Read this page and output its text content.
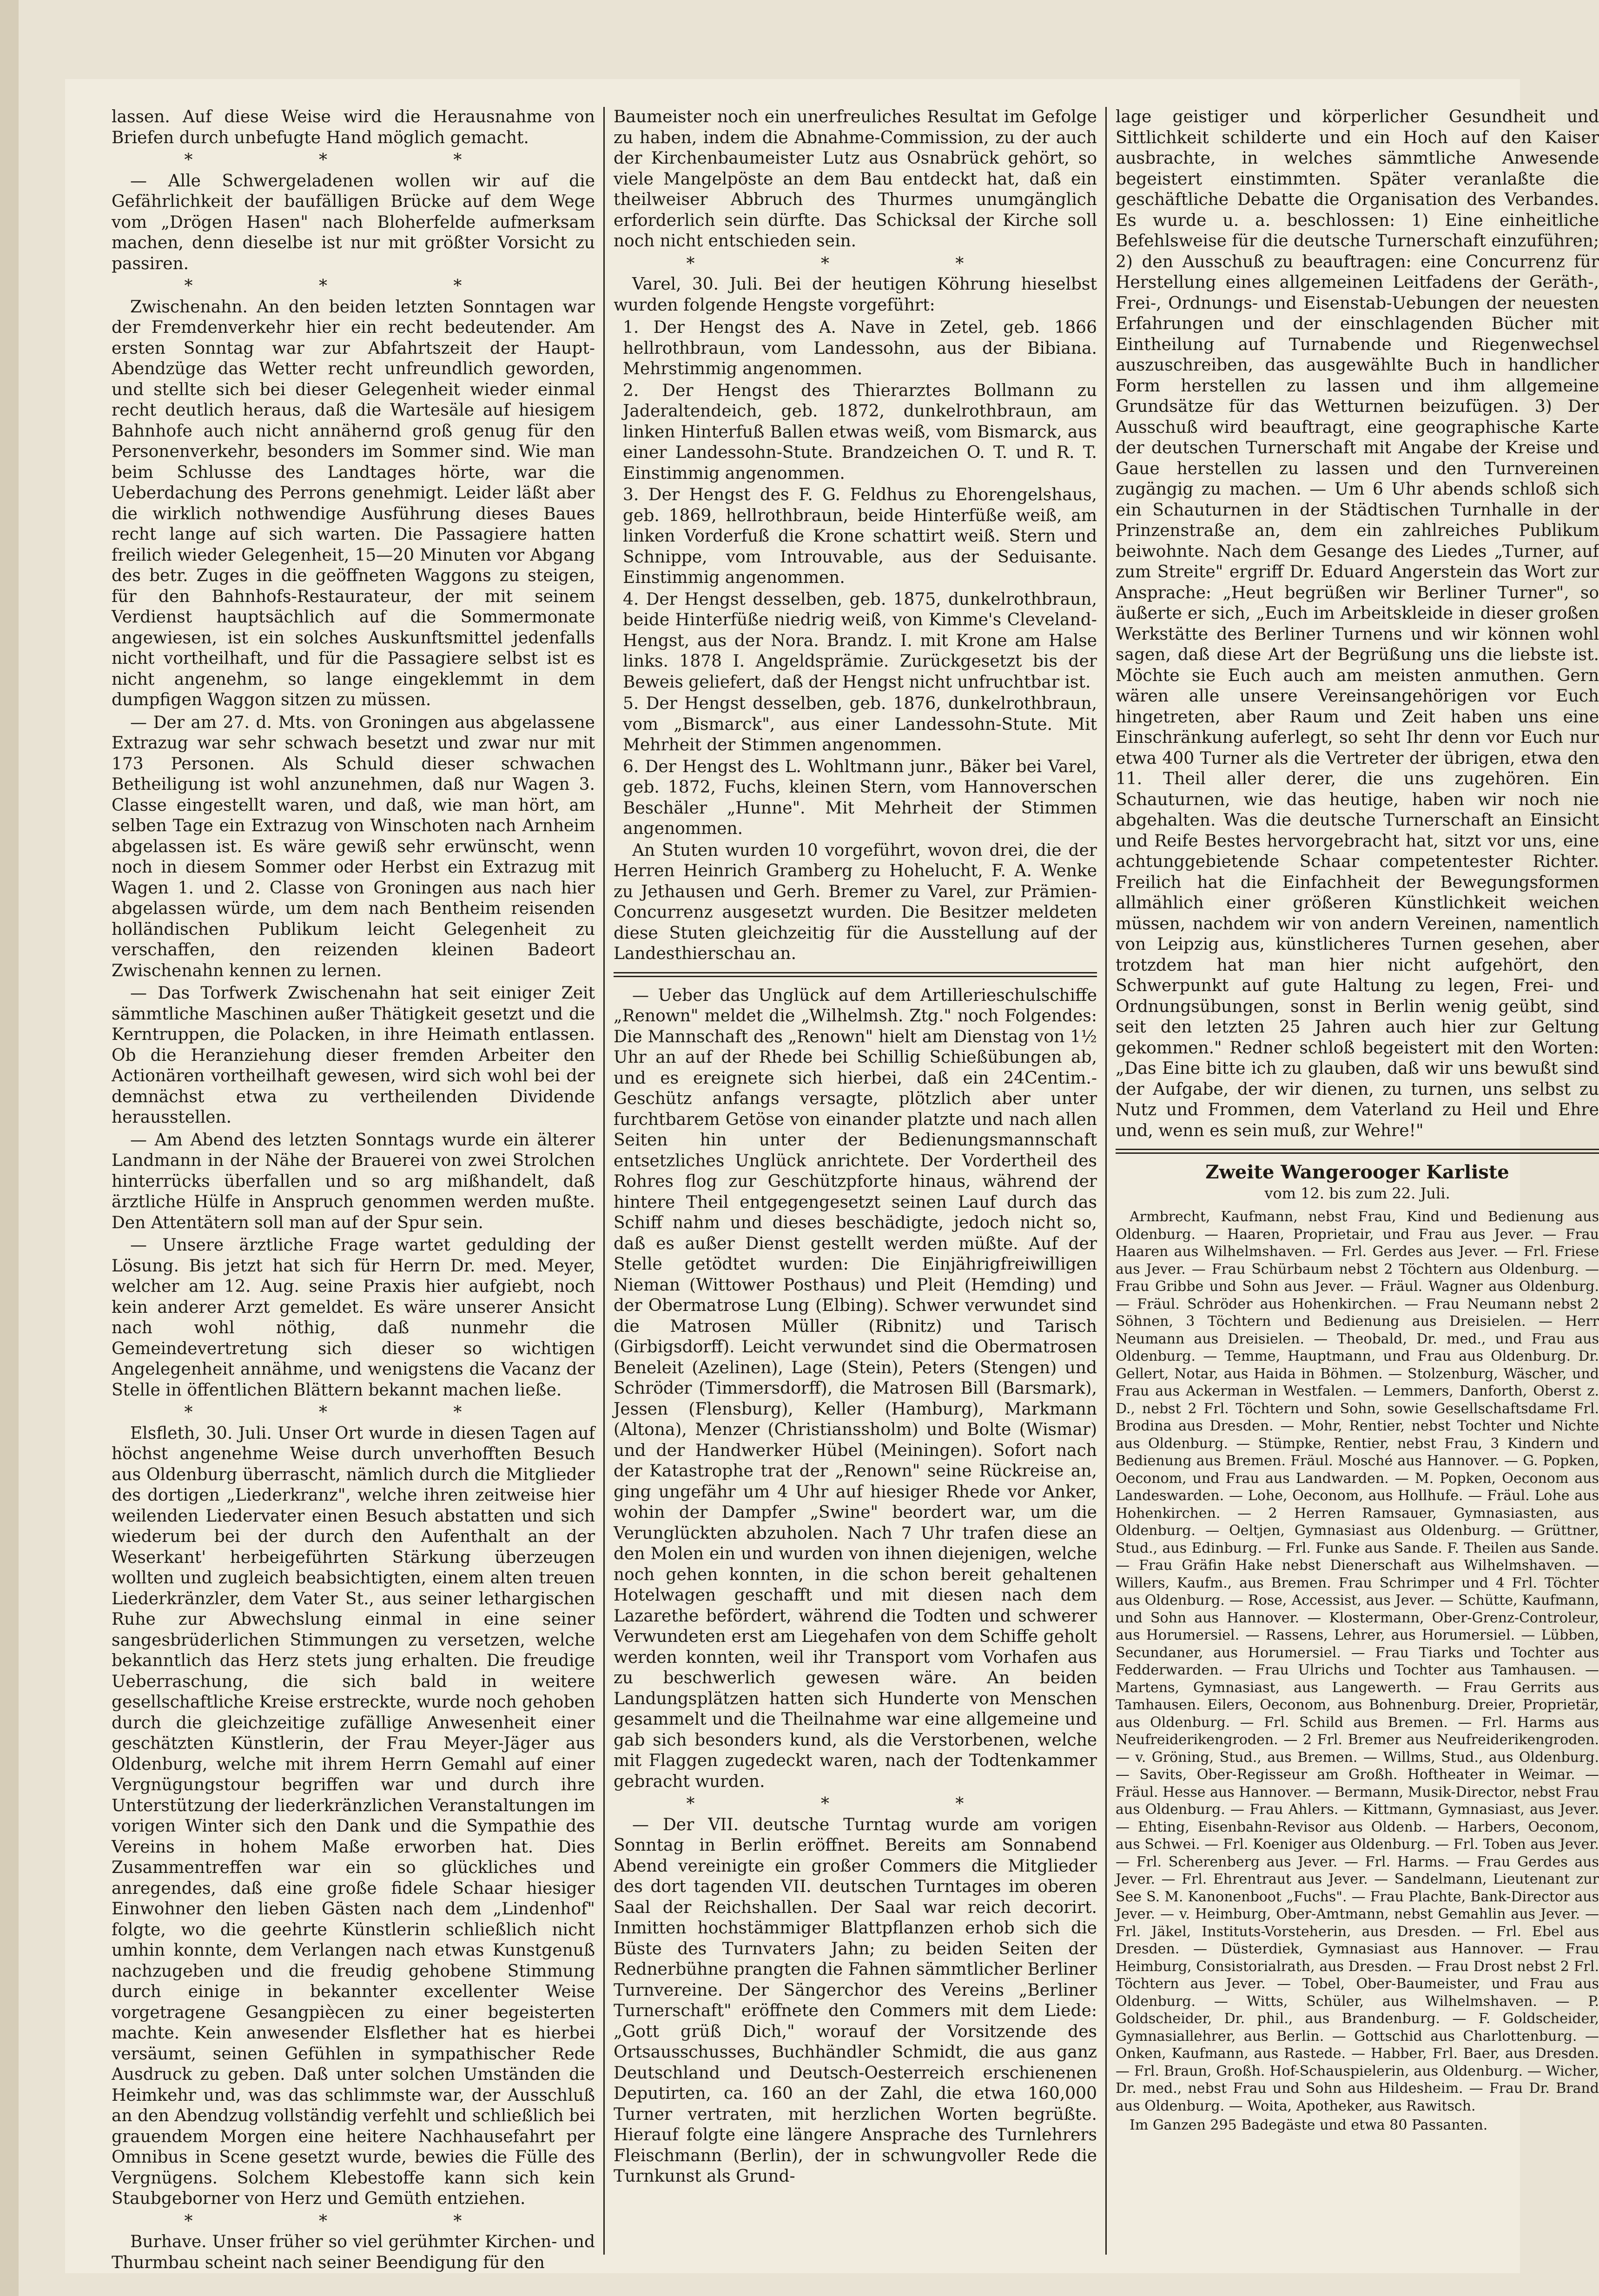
lassen. Auf diese Weise wird die Herausnahme von Briefen durch unbefugte Hand möglich gemacht.

* * *

— Alle Schwergeladenen wollen wir auf die Gefährlichkeit der baufälligen Brücke auf dem Wege vom „Drögen Hasen" nach Bloherfelde aufmerksam machen, denn dieselbe ist nur mit größter Vorsicht zu passiren.

* * *

Zwischenahn. An den beiden letzten Sonntagen war der Fremdenverkehr hier ein recht bedeutender. Am ersten Sonntag war zur Abfahrtszeit der Haupt-Abendzüge das Wetter recht unfreundlich geworden, und stellte sich bei dieser Gelegenheit wieder einmal recht deutlich heraus, daß die Wartesäle auf hiesigem Bahnhofe auch nicht annähernd groß genug für den Personenverkehr, besonders im Sommer sind. Wie man beim Schlusse des Landtages hörte, war die Ueberdachung des Perrons genehmigt. Leider läßt aber die wirklich nothwendige Ausführung dieses Baues recht lange auf sich warten. Die Passagiere hatten freilich wieder Gelegenheit, 15—20 Minuten vor Abgang des betr. Zuges in die geöffneten Waggons zu steigen, für den Bahnhofs-Restaurateur, der mit seinem Verdienst hauptsächlich auf die Sommermonate angewiesen, ist ein solches Auskunftsmittel jedenfalls nicht vortheilhaft, und für die Passagiere selbst ist es nicht angenehm, so lange eingeklemmt in dem dumpfigen Waggon sitzen zu müssen.

— Der am 27. d. Mts. von Groningen aus abgelassene Extrazug war sehr schwach besetzt und zwar nur mit 173 Personen. Als Schuld dieser schwachen Betheiligung ist wohl anzunehmen, daß nur Wagen 3. Classe eingestellt waren, und daß, wie man hört, am selben Tage ein Extrazug von Winschoten nach Arnheim abgelassen ist. Es wäre gewiß sehr erwünscht, wenn noch in diesem Sommer oder Herbst ein Extrazug mit Wagen 1. und 2. Classe von Groningen aus nach hier abgelassen würde, um dem nach Bentheim reisenden holländischen Publikum leicht Gelegenheit zu verschaffen, den reizenden kleinen Badeort Zwischenahn kennen zu lernen.

— Das Torfwerk Zwischenahn hat seit einiger Zeit sämmtliche Maschinen außer Thätigkeit gesetzt und die Kerntruppen, die Polacken, in ihre Heimath entlassen. Ob die Heranziehung dieser fremden Arbeiter den Actionären vortheilhaft gewesen, wird sich wohl bei der demnächst etwa zu vertheilenden Dividende herausstellen.

— Am Abend des letzten Sonntags wurde ein älterer Landmann in der Nähe der Brauerei von zwei Strolchen hinterrücks überfallen und so arg mißhandelt, daß ärztliche Hülfe in Anspruch genommen werden mußte. Den Attentätern soll man auf der Spur sein.

— Unsere ärztliche Frage wartet gedulding der Lösung. Bis jetzt hat sich für Herrn Dr. med. Meyer, welcher am 12. Aug. seine Praxis hier aufgiebt, noch kein anderer Arzt gemeldet. Es wäre unserer Ansicht nach wohl nöthig, daß nunmehr die Gemeindevertretung sich dieser so wichtigen Angelegenheit annähme, und wenigstens die Vacanz der Stelle in öffentlichen Blättern bekannt machen ließe.

* * *

Elsfleth, 30. Juli. Unser Ort wurde in diesen Tagen auf höchst angenehme Weise durch unverhofften Besuch aus Oldenburg überrascht, nämlich durch die Mitglieder des dortigen „Liederkranz", welche ihren zeitweise hier weilenden Liedervater einen Besuch abstatten und sich wiederum bei der durch den Aufenthalt an der Weserkant' herbeigeführten Stärkung überzeugen wollten und zugleich beabsichtigten, einem alten treuen Liederkränzler, dem Vater St., aus seiner lethargischen Ruhe zur Abwechslung einmal in eine seiner sangesbrüderlichen Stimmungen zu versetzen, welche bekanntlich das Herz stets jung erhalten. Die freudige Ueberraschung, die sich bald in weitere gesellschaftliche Kreise erstreckte, wurde noch gehoben durch die gleichzeitige zufällige Anwesenheit einer geschätzten Künstlerin, der Frau Meyer-Jäger aus Oldenburg, welche mit ihrem Herrn Gemahl auf einer Vergnügungstour begriffen war und durch ihre Unterstützung der liederkränzlichen Veranstaltungen im vorigen Winter sich den Dank und die Sympathie des Vereins in hohem Maße erworben hat. Dies Zusammentreffen war ein so glückliches und anregendes, daß eine große fidele Schaar hiesiger Einwohner den lieben Gästen nach dem „Lindenhof" folgte, wo die geehrte Künstlerin schließlich nicht umhin konnte, dem Verlangen nach etwas Kunstgenuß nachzugeben und die freudig gehobene Stimmung durch einige in bekannter excellenter Weise vorgetragene Gesangpiècen zu einer begeisterten machte. Kein anwesender Elsflether hat es hierbei versäumt, seinen Gefühlen in sympathischer Rede Ausdruck zu geben. Daß unter solchen Umständen die Heimkehr und, was das schlimmste war, der Ausschluß an den Abendzug vollständig verfehlt und schließlich bei grauendem Morgen eine heitere Nachhausefahrt per Omnibus in Scene gesetzt wurde, bewies die Fülle des Vergnügens. Solchem Klebestoffe kann sich kein Staubgeborner von Herz und Gemüth entziehen.

* * *

Burhave. Unser früher so viel gerühmter Kirchen- und Thurmbau scheint nach seiner Beendigung für den

Baumeister noch ein unerfreuliches Resultat im Gefolge zu haben, indem die Abnahme-Commission, zu der auch der Kirchenbaumeister Lutz aus Osnabrück gehört, so viele Mangelpöste an dem Bau entdeckt hat, daß ein theilweiser Abbruch des Thurmes unumgänglich erforderlich sein dürfte. Das Schicksal der Kirche soll noch nicht entschieden sein.

* * *

Varel, 30. Juli. Bei der heutigen Köhrung hieselbst wurden folgende Hengste vorgeführt:

1. Der Hengst des A. Nave in Zetel, geb. 1866 hellrothbraun, vom Landessohn, aus der Bibiana. Mehrstimmig angenommen.

2. Der Hengst des Thierarztes Bollmann zu Jaderaltendeich, geb. 1872, dunkelrothbraun, am linken Hinterfuß Ballen etwas weiß, vom Bismarck, aus einer Landessohn-Stute. Brandzeichen O. T. und R. T. Einstimmig angenommen.

3. Der Hengst des F. G. Feldhus zu Ehorengelshaus, geb. 1869, hellrothbraun, beide Hinterfüße weiß, am linken Vorderfuß die Krone schattirt weiß. Stern und Schnippe, vom Introuvable, aus der Seduisante. Einstimmig angenommen.

4. Der Hengst desselben, geb. 1875, dunkelrothbraun, beide Hinterfüße niedrig weiß, von Kimme's Cleveland-Hengst, aus der Nora. Brandz. I. mit Krone am Halse links. 1878 I. Angeldsprämie. Zurückgesetzt bis der Beweis geliefert, daß der Hengst nicht unfruchtbar ist.

5. Der Hengst desselben, geb. 1876, dunkelrothbraun, vom „Bismarck", aus einer Landessohn-Stute. Mit Mehrheit der Stimmen angenommen.

6. Der Hengst des L. Wohltmann junr., Bäker bei Varel, geb. 1872, Fuchs, kleinen Stern, vom Hannoverschen Beschäler „Hunne". Mit Mehrheit der Stimmen angenommen.

An Stuten wurden 10 vorgeführt, wovon drei, die der Herren Heinrich Gramberg zu Hohelucht, F. A. Wenke zu Jethausen und Gerh. Bremer zu Varel, zur Prämien-Concurrenz ausgesetzt wurden. Die Besitzer meldeten diese Stuten gleichzeitig für die Ausstellung auf der Landesthierschau an.

— Ueber das Unglück auf dem Artillerieschulschiffe „Renown" meldet die „Wilhelmsh. Ztg." noch Folgendes: Die Mannschaft des „Renown" hielt am Dienstag von 1½ Uhr an auf der Rhede bei Schillig Schießübungen ab, und es ereignete sich hierbei, daß ein 24Centim.-Geschütz anfangs versagte, plötzlich aber unter furchtbarem Getöse von einander platzte und nach allen Seiten hin unter der Bedienungsmannschaft entsetzliches Unglück anrichtete. Der Vordertheil des Rohres flog zur Geschützpforte hinaus, während der hintere Theil entgegengesetzt seinen Lauf durch das Schiff nahm und dieses beschädigte, jedoch nicht so, daß es außer Dienst gestellt werden müßte. Auf der Stelle getödtet wurden: Die Einjährigfreiwilligen Nieman (Wittower Posthaus) und Pleit (Hemding) und der Obermatrose Lung (Elbing). Schwer verwundet sind die Matrosen Müller (Ribnitz) und Tarisch (Girbigsdorff). Leicht verwundet sind die Obermatrosen Beneleit (Azelinen), Lage (Stein), Peters (Stengen) und Schröder (Timmersdorff), die Matrosen Bill (Barsmark), Jessen (Flensburg), Keller (Hamburg), Markmann (Altona), Menzer (Christianssholm) und Bolte (Wismar) und der Handwerker Hübel (Meiningen). Sofort nach der Katastrophe trat der „Renown" seine Rückreise an, ging ungefähr um 4 Uhr auf hiesiger Rhede vor Anker, wohin der Dampfer „Swine" beordert war, um die Verunglückten abzuholen. Nach 7 Uhr trafen diese an den Molen ein und wurden von ihnen diejenigen, welche noch gehen konnten, in die schon bereit gehaltenen Hotelwagen geschafft und mit diesen nach dem Lazarethe befördert, während die Todten und schwerer Verwundeten erst am Liegehafen von dem Schiffe geholt werden konnten, weil ihr Transport vom Vorhafen aus zu beschwerlich gewesen wäre. An beiden Landungsplätzen hatten sich Hunderte von Menschen gesammelt und die Theilnahme war eine allgemeine und gab sich besonders kund, als die Verstorbenen, welche mit Flaggen zugedeckt waren, nach der Todtenkammer gebracht wurden.

* * *

— Der VII. deutsche Turntag wurde am vorigen Sonntag in Berlin eröffnet. Bereits am Sonnabend Abend vereinigte ein großer Commers die Mitglieder des dort tagenden VII. deutschen Turntages im oberen Saal der Reichshallen. Der Saal war reich decorirt. Inmitten hochstämmiger Blattpflanzen erhob sich die Büste des Turnvaters Jahn; zu beiden Seiten der Rednerbühne prangten die Fahnen sämmtlicher Berliner Turnvereine. Der Sängerchor des Vereins „Berliner Turnerschaft" eröffnete den Commers mit dem Liede: „Gott grüß Dich," worauf der Vorsitzende des Ortsausschusses, Buchhändler Schmidt, die aus ganz Deutschland und Deutsch-Oesterreich erschienenen Deputirten, ca. 160 an der Zahl, die etwa 160,000 Turner vertraten, mit herzlichen Worten begrüßte. Hierauf folgte eine längere Ansprache des Turnlehrers Fleischmann (Berlin), der in schwungvoller Rede die Turnkunst als Grund-

lage geistiger und körperlicher Gesundheit und Sittlichkeit schilderte und ein Hoch auf den Kaiser ausbrachte, in welches sämmtliche Anwesende begeistert einstimmten. Später veranlaßte die geschäftliche Debatte die Organisation des Verbandes. Es wurde u. a. beschlossen: 1) Eine einheitliche Befehlsweise für die deutsche Turnerschaft einzuführen; 2) den Ausschuß zu beauftragen: eine Concurrenz für Herstellung eines allgemeinen Leitfadens der Geräth-, Frei-, Ordnungs- und Eisenstab-Uebungen der neuesten Erfahrungen und der einschlagenden Bücher mit Eintheilung auf Turnabende und Riegenwechsel auszuschreiben, das ausgewählte Buch in handlicher Form herstellen zu lassen und ihm allgemeine Grundsätze für das Wetturnen beizufügen. 3) Der Ausschuß wird beauftragt, eine geographische Karte der deutschen Turnerschaft mit Angabe der Kreise und Gaue herstellen zu lassen und den Turnvereinen zugängig zu machen. — Um 6 Uhr abends schloß sich ein Schauturnen in der Städtischen Turnhalle in der Prinzenstraße an, dem ein zahlreiches Publikum beiwohnte. Nach dem Gesange des Liedes „Turner, auf zum Streite" ergriff Dr. Eduard Angerstein das Wort zur Ansprache: „Heut begrüßen wir Berliner Turner", so äußerte er sich, „Euch im Arbeitskleide in dieser großen Werkstätte des Berliner Turnens und wir können wohl sagen, daß diese Art der Begrüßung uns die liebste ist. Möchte sie Euch auch am meisten anmuthen. Gern wären alle unsere Vereinsangehörigen vor Euch hingetreten, aber Raum und Zeit haben uns eine Einschränkung auferlegt, so seht Ihr denn vor Euch nur etwa 400 Turner als die Vertreter der übrigen, etwa den 11. Theil aller derer, die uns zugehören. Ein Schauturnen, wie das heutige, haben wir noch nie abgehalten. Was die deutsche Turnerschaft an Einsicht und Reife Bestes hervorgebracht hat, sitzt vor uns, eine achtunggebietende Schaar competentester Richter. Freilich hat die Einfachheit der Bewegungsformen allmählich einer größeren Künstlichkeit weichen müssen, nachdem wir von andern Vereinen, namentlich von Leipzig aus, künstlicheres Turnen gesehen, aber trotzdem hat man hier nicht aufgehört, den Schwerpunkt auf gute Haltung zu legen, Frei- und Ordnungsübungen, sonst in Berlin wenig geübt, sind seit den letzten 25 Jahren auch hier zur Geltung gekommen." Redner schloß begeistert mit den Worten: „Das Eine bitte ich zu glauben, daß wir uns bewußt sind der Aufgabe, der wir dienen, zu turnen, uns selbst zu Nutz und Frommen, dem Vaterland zu Heil und Ehre und, wenn es sein muß, zur Wehre!"

Zweite Wangerooger Karliste

vom 12. bis zum 22. Juli.

Armbrecht, Kaufmann, nebst Frau, Kind und Bedienung aus Oldenburg. — Haaren, Proprietair, und Frau aus Jever. — Frau Haaren aus Wilhelmshaven. — Frl. Gerdes aus Jever. — Frl. Friese aus Jever. — Frau Schürbaum nebst 2 Töchtern aus Oldenburg. — Frau Gribbe und Sohn aus Jever. — Fräul. Wagner aus Oldenburg. — Fräul. Schröder aus Hohenkirchen. — Frau Neumann nebst 2 Söhnen, 3 Töchtern und Bedienung aus Dreisielen. — Herr Neumann aus Dreisielen. — Theobald, Dr. med., und Frau aus Oldenburg. — Temme, Hauptmann, und Frau aus Oldenburg. Dr. Gellert, Notar, aus Haida in Böhmen. — Stolzenburg, Wäscher, und Frau aus Ackerman in Westfalen. — Lemmers, Danforth, Oberst z. D., nebst 2 Frl. Töchtern und Sohn, sowie Gesellschaftsdame Frl. Brodina aus Dresden. — Mohr, Rentier, nebst Tochter und Nichte aus Oldenburg. — Stümpke, Rentier, nebst Frau, 3 Kindern und Bedienung aus Bremen. Fräul. Mosché aus Hannover. — G. Popken, Oeconom, und Frau aus Landwarden. — M. Popken, Oeconom aus Landeswarden. — Lohe, Oeconom, aus Hollhufe. — Fräul. Lohe aus Hohenkirchen. — 2 Herren Ramsauer, Gymnasiasten, aus Oldenburg. — Oeltjen, Gymnasiast aus Oldenburg. — Grüttner, Stud., aus Edinburg. — Frl. Funke aus Sande. F. Theilen aus Sande. — Frau Gräfin Hake nebst Dienerschaft aus Wilhelmshaven. — Willers, Kaufm., aus Bremen. Frau Schrimper und 4 Frl. Töchter aus Oldenburg. — Rose, Accessist, aus Jever. — Schütte, Kaufmann, und Sohn aus Hannover. — Klostermann, Ober-Grenz-Controleur, aus Horumersiel. — Rassens, Lehrer, aus Horumersiel. — Lübben, Secundaner, aus Horumersiel. — Frau Tiarks und Tochter aus Fedderwarden. — Frau Ulrichs und Tochter aus Tamhausen. — Martens, Gymnasiast, aus Langewerth. — Frau Gerrits aus Tamhausen. Eilers, Oeconom, aus Bohnenburg. Dreier, Proprietär, aus Oldenburg. — Frl. Schild aus Bremen. — Frl. Harms aus Neufreiderikengroden. — 2 Frl. Bremer aus Neufreiderikengroden. — v. Gröning, Stud., aus Bremen. — Willms, Stud., aus Oldenburg. — Savits, Ober-Regisseur am Großh. Hoftheater in Weimar. — Fräul. Hesse aus Hannover. — Bermann, Musik-Director, nebst Frau aus Oldenburg. — Frau Ahlers. — Kittmann, Gymnasiast, aus Jever. — Ehting, Eisenbahn-Revisor aus Oldenb. — Harbers, Oeconom, aus Schwei. — Frl. Koeniger aus Oldenburg. — Frl. Toben aus Jever. — Frl. Scherenberg aus Jever. — Frl. Harms. — Frau Gerdes aus Jever. — Frl. Ehrentraut aus Jever. — Sandelmann, Lieutenant zur See S. M. Kanonenboot „Fuchs". — Frau Plachte, Bank-Director aus Jever. — v. Heimburg, Ober-Amtmann, nebst Gemahlin aus Jever. — Frl. Jäkel, Instituts-Vorsteherin, aus Dresden. — Frl. Ebel aus Dresden. — Düsterdiek, Gymnasiast aus Hannover. — Frau Heimburg, Consistorialrath, aus Dresden. — Frau Drost nebst 2 Frl. Töchtern aus Jever. — Tobel, Ober-Baumeister, und Frau aus Oldenburg. — Witts, Schüler, aus Wilhelmshaven. — P. Goldscheider, Dr. phil., aus Brandenburg. — F. Goldscheider, Gymnasiallehrer, aus Berlin. — Gottschid aus Charlottenburg. — Onken, Kaufmann, aus Rastede. — Habber, Frl. Baer, aus Dresden. — Frl. Braun, Großh. Hof-Schauspielerin, aus Oldenburg. — Wicher, Dr. med., nebst Frau und Sohn aus Hildesheim. — Frau Dr. Brand aus Oldenburg. — Woita, Apotheker, aus Rawitsch.

Im Ganzen 295 Badegäste und etwa 80 Passanten.
